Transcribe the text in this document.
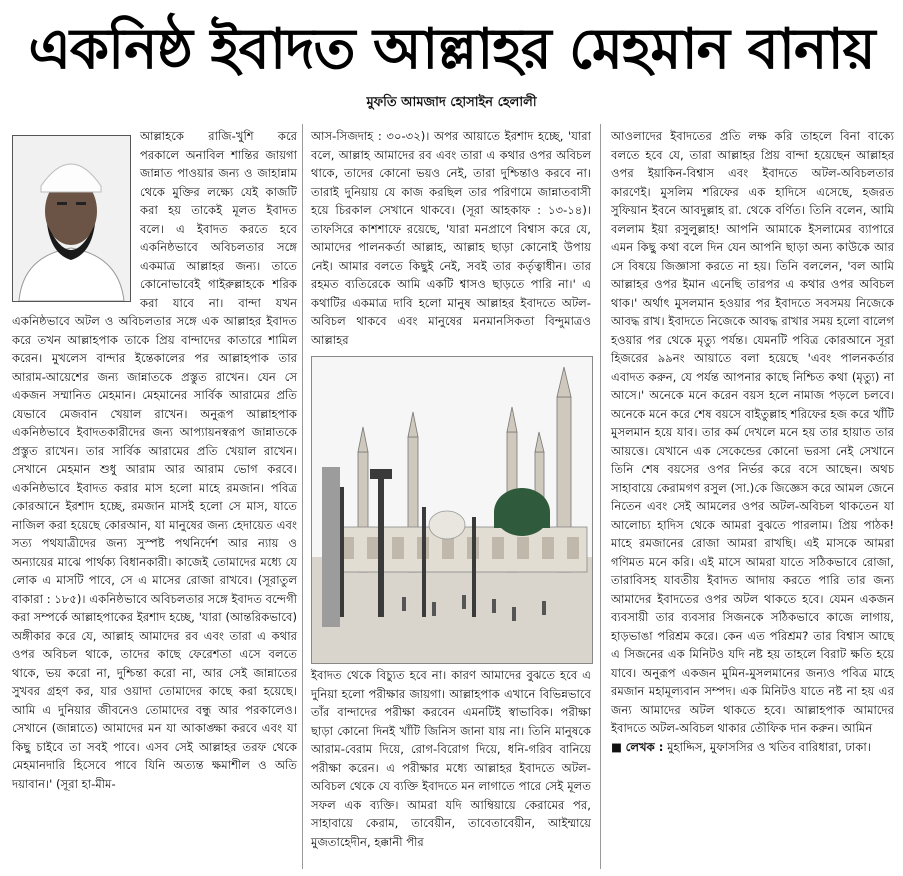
একনিষ্ঠ ইবাদত আল্লাহর মেহমান বানায়
মুফতি আমজাদ হোসাইন হেলালী

আল্লাহকে রাজি-খুশি করে পরকালে অনাবিল শান্তির জায়গা জান্নাত পাওয়ার জন্য ও জাহান্নাম থেকে মুক্তির লক্ষ্যে যেই কাজটি করা হয় তাকেই মূলত ইবাদত বলে। এ ইবাদত করতে হবে একনিষ্ঠভাবে অবিচলতার সঙ্গে একমাত্র আল্লাহর জন্য। তাতে কোনোভাবেই গাইরুল্লাহকে শরিক করা যাবে না। বান্দা যখন একনিষ্ঠভাবে অটল ও অবিচলতার সঙ্গে এক আল্লাহর ইবাদত করে তখন আল্লাহপাক তাকে প্রিয় বান্দাদের কাতারে শামিল করেন। মুখলেস বান্দার ইন্তেকালের পর আল্লাহপাক তার আরাম-আয়েশের জন্য জান্নাতকে প্রস্তুত রাখেন। যেন সে একজন সম্মানিত মেহমান। মেহমানের সার্বিক আরামের প্রতি যেভাবে মেজবান খেয়াল রাখেন। অনুরূপ আল্লাহপাক একনিষ্ঠভাবে ইবাদতকারীদের জন্য আপ্যায়নস্বরূপ জান্নাতকে প্রস্তুত রাখেন। তার সার্বিক আরামের প্রতি খেয়াল রাখেন। সেখানে মেহমান শুধু আরাম আর আরাম ভোগ করবে। একনিষ্ঠভাবে ইবাদত করার মাস হলো মাহে রমজান। পবিত্র কোরআনে ইরশাদ হচ্ছে, রমজান মাসই হলো সে মাস, যাতে নাজিল করা হয়েছে কোরআন, যা মানুষের জন্য হেদায়েত এবং সত্য পথযাত্রীদের জন্য সুস্পষ্ট পথনির্দেশ আর ন্যায় ও অন্যায়ের মাঝে পার্থক্য বিধানকারী। কাজেই তোমাদের মধ্যে যে লোক এ মাসটি পাবে, সে এ মাসের রোজা রাখবে। (সূরাতুল বাকারা : ১৮৫)। একনিষ্ঠভাবে অবিচলতার সঙ্গে ইবাদত বন্দেগী করা সম্পর্কে আল্লাহপাকের ইরশাদ হচ্ছে, 'যারা (আন্তরিকভাবে) অঙ্গীকার করে যে, আল্লাহ আমাদের রব এবং তারা এ কথার ওপর অবিচল থাকে, তাদের কাছে ফেরেশতা এসে বলতে থাকে, ভয় করো না, দুশ্চিন্তা করো না, আর সেই জান্নাতের সুখবর গ্রহণ কর, যার ওয়াদা তোমাদের কাছে করা হয়েছে। আমি এ দুনিয়ার জীবনেও তোমাদের বন্ধু আর পরকালেও। সেখানে (জান্নাতে) আমাদের মন যা আকাঙ্ক্ষা করবে এবং যা কিছু চাইবে তা সবই পাবে। এসব সেই আল্লাহর তরফ থেকে মেহমানদারি হিসেবে পাবে যিনি অত্যন্ত ক্ষমাশীল ও অতি দয়াবান।' (সূরা হা-মীম-

আস-সিজদাহ : ৩০-৩২)। অপর আয়াতে ইরশাদ হচ্ছে, 'যারা বলে, আল্লাহ আমাদের রব এবং তারা এ কথার ওপর অবিচল থাকে, তাদের কোনো ভয়ও নেই, তারা দুশ্চিন্তাও করবে না। তারাই দুনিয়ায় যে কাজ করছিল তার পরিণামে জান্নাতবাসী হয়ে চিরকাল সেখানে থাকবে। (সূরা আহকাফ : ১৩-১৪)। তাফসিরে কাশশাফে রয়েছে, 'যারা মনপ্রাণে বিশ্বাস করে যে, আমাদের পালনকর্তা আল্লাহ, আল্লাহ ছাড়া কোনোই উপায় নেই। আমার বলতে কিছুই নেই, সবই তার কর্তৃত্বাধীন। তার রহমত ব্যতিরেকে আমি একটি শ্বাসও ছাড়তে পারি না।' এ কথাটির একমাত্র দাবি হলো মানুষ আল্লাহর ইবাদতে অটল-অবিচল থাকবে এবং মানুষের মনমানসিকতা বিন্দুমাত্রও আল্লাহর

ইবাদত থেকে বিচ্যুত হবে না। কারণ আমাদের বুঝতে হবে এ দুনিয়া হলো পরীক্ষার জায়গা। আল্লাহপাক এখানে বিভিন্নভাবে তাঁর বান্দাদের পরীক্ষা করবেন এমনটিই স্বাভাবিক। পরীক্ষা ছাড়া কোনো দিনই খাঁটি জিনিস জানা যায় না। তিনি মানুষকে আরাম-বেরাম দিয়ে, রোগ-বিরোগ দিয়ে, ধনি-গরিব বানিয়ে পরীক্ষা করেন। এ পরীক্ষার মধ্যে আল্লাহর ইবাদতে অটল-অবিচল থেকে যে ব্যক্তি ইবাদতে মন লাগাতে পারে সেই মূলত সফল এক ব্যক্তি। আমরা যদি আম্বিয়ায়ে কেরামের পর, সাহাবায়ে কেরাম, তাবেয়ীন, তাবেতাবেয়ীন, আইম্মায়ে মুজতাহেদীন, হক্কানী পীর

আওলাদের ইবাদতের প্রতি লক্ষ করি তাহলে বিনা বাক্যে বলতে হবে যে, তারা আল্লাহর প্রিয় বান্দা হয়েছেন আল্লাহর ওপর ইয়াকিন-বিশ্বাস এবং ইবাদতে অটল-অবিচলতার কারণেই। মুসলিম শরিফের এক হাদিসে এসেছে, হজরত সুফিয়ান ইবনে আবদুল্লাহ রা. থেকে বর্ণিত। তিনি বলেন, আমি বললাম ইয়া রসুলুল্লাহ! আপনি আমাকে ইসলামের ব্যাপারে এমন কিছু কথা বলে দিন যেন আপনি ছাড়া অন্য কাউকে আর সে বিষয়ে জিজ্ঞাসা করতে না হয়। তিনি বললেন, 'বল আমি আল্লাহর ওপর ইমান এনেছি তারপর এ কথার ওপর অবিচল থাক।' অর্থাৎ মুসলমান হওয়ার পর ইবাদতে সবসময় নিজেকে আবদ্ধ রাখ। ইবাদতে নিজেকে আবদ্ধ রাখার সময় হলো বালেগ হওয়ার পর থেকে মৃত্যু পর্যন্ত। যেমনটি পবিত্র কোরআনে সূরা হিজরের ৯৯নং আয়াতে বলা হয়েছে 'এবং পালনকর্তার এবাদত করুন, যে পর্যন্ত আপনার কাছে নিশ্চিত কথা (মৃত্যু) না আসে।' অনেকে মনে করেন বয়স হলে নামাজ পড়লে চলবে। অনেকে মনে করে শেষ বয়সে বাইতুল্লাহ শরিফের হজ করে খাঁটি মুসলমান হয়ে যাব। তার কর্ম দেখলে মনে হয় তার হায়াত তার আয়ত্তে। যেখানে এক সেকেন্ডের কোনো ভরসা নেই সেখানে তিনি শেষ বয়সের ওপর নির্ভর করে বসে আছেন। অথচ সাহাবায়ে কেরামগণ রসুল (সা.)কে জিজ্ঞেস করে আমল জেনে নিতেন এবং সেই আমলের ওপর অটল-অবিচল থাকতেন যা আলোচ্য হাদিস থেকে আমরা বুঝতে পারলাম। প্রিয় পাঠক! মাহে রমজানের রোজা আমরা রাখছি। এই মাসকে আমরা গণিমত মনে করি। এই মাসে আমরা যাতে সঠিকভাবে রোজা, তারাবিসহ যাবতীয় ইবাদত আদায় করতে পারি তার জন্য আমাদের ইবাদতের ওপর অটল থাকতে হবে। যেমন একজন ব্যবসায়ী তার ব্যবসার সিজনকে সঠিকভাবে কাজে লাগায়, হাড়ভাঙা পরিশ্রম করে। কেন এত পরিশ্রম? তার বিশ্বাস আছে এ সিজনের এক মিনিটও যদি নষ্ট হয় তাহলে বিরাট ক্ষতি হয়ে যাবে। অনুরূপ একজন মুমিন-মুসলমানের জন্যও পবিত্র মাহে রমজান মহামূল্যবান সম্পদ। এক মিনিটও যাতে নষ্ট না হয় এর জন্য আমাদের অটল থাকতে হবে। আল্লাহপাক আমাদের ইবাদতে অটল-অবিচল থাকার তৌফিক দান করুন। আমিন

■ লেখক : মুহাদ্দিস, মুফাসসির ও খতিব বারিধারা, ঢাকা।
